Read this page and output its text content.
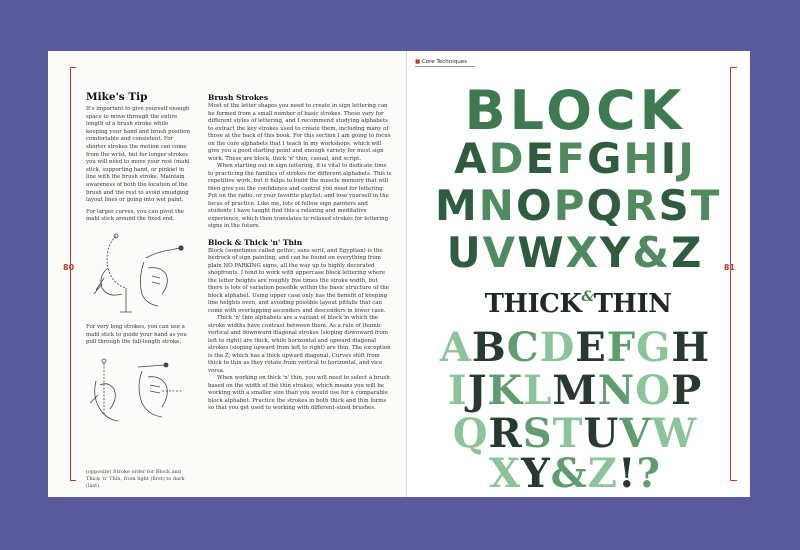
80
Mike's Tip

It's important to give yourself enough space to move through the entire length of a brush stroke while keeping your hand and brush position comfortable and consistent. For shorter strokes the motion can come from the wrist, but for longer strokes you will need to move your rest (mahl stick, supporting hand, or pinkie) in line with the brush stroke. Maintain awareness of both the location of the brush and the rest to avoid smudging layout lines or going into wet paint.

For larger curves, you can pivot the mahl stick around the fixed end.

For very long strokes, you can use a mahl stick to guide your hand as you pull through the full-length stroke.

(opposite) Stroke order for Block and Thick 'n' Thin, from light (first) to dark (last).

Brush Strokes

Most of the letter shapes you need to create in sign lettering can be formed from a small number of basic strokes. These vary for different styles of lettering, and I recommend studying alphabets to extract the key strokes used to create them, including many of those at the back of this book. For this section I am going to focus on the core alphabets that I teach in my workshops, which will give you a good starting point and enough variety for most sign work. These are block, thick 'n' thin, casual, and script.

When starting out in sign lettering, it is vital to dedicate time to practicing the families of strokes for different alphabets. This is repetitive work, but it helps to build the muscle memory that will then give you the confidence and control you need for lettering. Put on the radio, or your favorite playlist, and lose yourself in the focus of practice. Like me, lots of fellow sign painters and students I have taught find this a relaxing and meditative experience, which then translates to relaxed strokes for lettering signs in the future.

Block & Thick 'n' Thin

Block (sometimes called gothic, sans serif, and Egyptian) is the bedrock of sign painting, and can be found on everything from plain NO PARKING signs, all the way up to highly decorated shopfronts. I tend to work with uppercase block lettering where the letter heights are roughly five times the stroke width, but there is lots of variation possible within the basic structure of the block alphabet. Using upper case only has the benefit of keeping line heights even, and avoiding possible layout pitfalls that can come with overlapping ascenders and descenders in lower case.

Thick 'n' thin alphabets are a variant of block in which the stroke widths have contrast between them. As a rule of thumb: vertical and downward diagonal strokes (sloping downward from left to right) are thick, while horizontal and upward diagonal strokes (sloping upward from left to right) are thin. The exception is the Z, which has a thick upward diagonal. Curves shift from thick to thin as they rotate from vertical to horizontal, and vice versa.

When working on thick 'n' thin, you will need to select a brush based on the width of the thin strokes, which means you will be working with a smaller size than you would use for a comparable block alphabet. Practice the strokes in both thick and thin forms so that you get used to working with different-sized brushes.

■ Core Techniques
81
BLOCK
ADEFGHIJ
MNOPQRST
UVWXY&Z
THICK&THIN
ABCDEFGH
IJKLMNOP
QRSTUVW
XY&Z!?
